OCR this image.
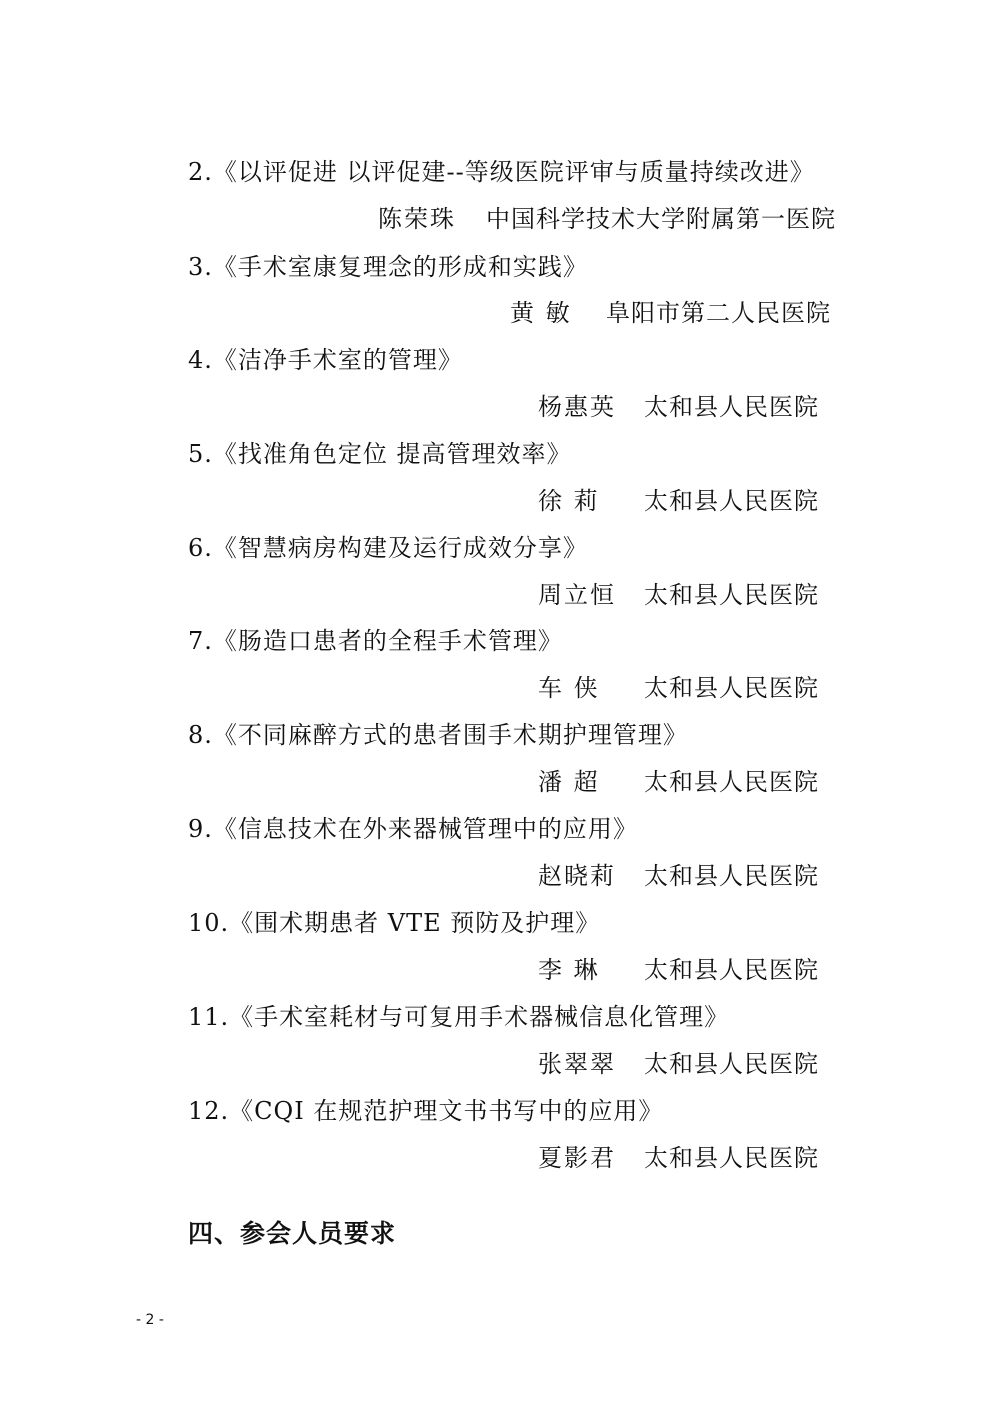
2.《以评促进 以评促建--等级医院评审与质量持续改进》
陈荣珠 中国科学技术大学附属第一医院
3.《手术室康复理念的形成和实践》
黄 敏 阜阳市第二人民医院
4.《洁净手术室的管理》
杨惠英 太和县人民医院
5.《找准角色定位 提高管理效率》
徐 莉 太和县人民医院
6.《智慧病房构建及运行成效分享》
周立恒 太和县人民医院
7.《肠造口患者的全程手术管理》
车 侠 太和县人民医院
8.《不同麻醉方式的患者围手术期护理管理》
潘 超 太和县人民医院
9.《信息技术在外来器械管理中的应用》
赵晓莉 太和县人民医院
10.《围术期患者 VTE 预防及护理》
李 琳 太和县人民医院
11.《手术室耗材与可复用手术器械信息化管理》
张翠翠 太和县人民医院
12.《CQI 在规范护理文书书写中的应用》
夏影君 太和县人民医院
四、参会人员要求
- 2 -
